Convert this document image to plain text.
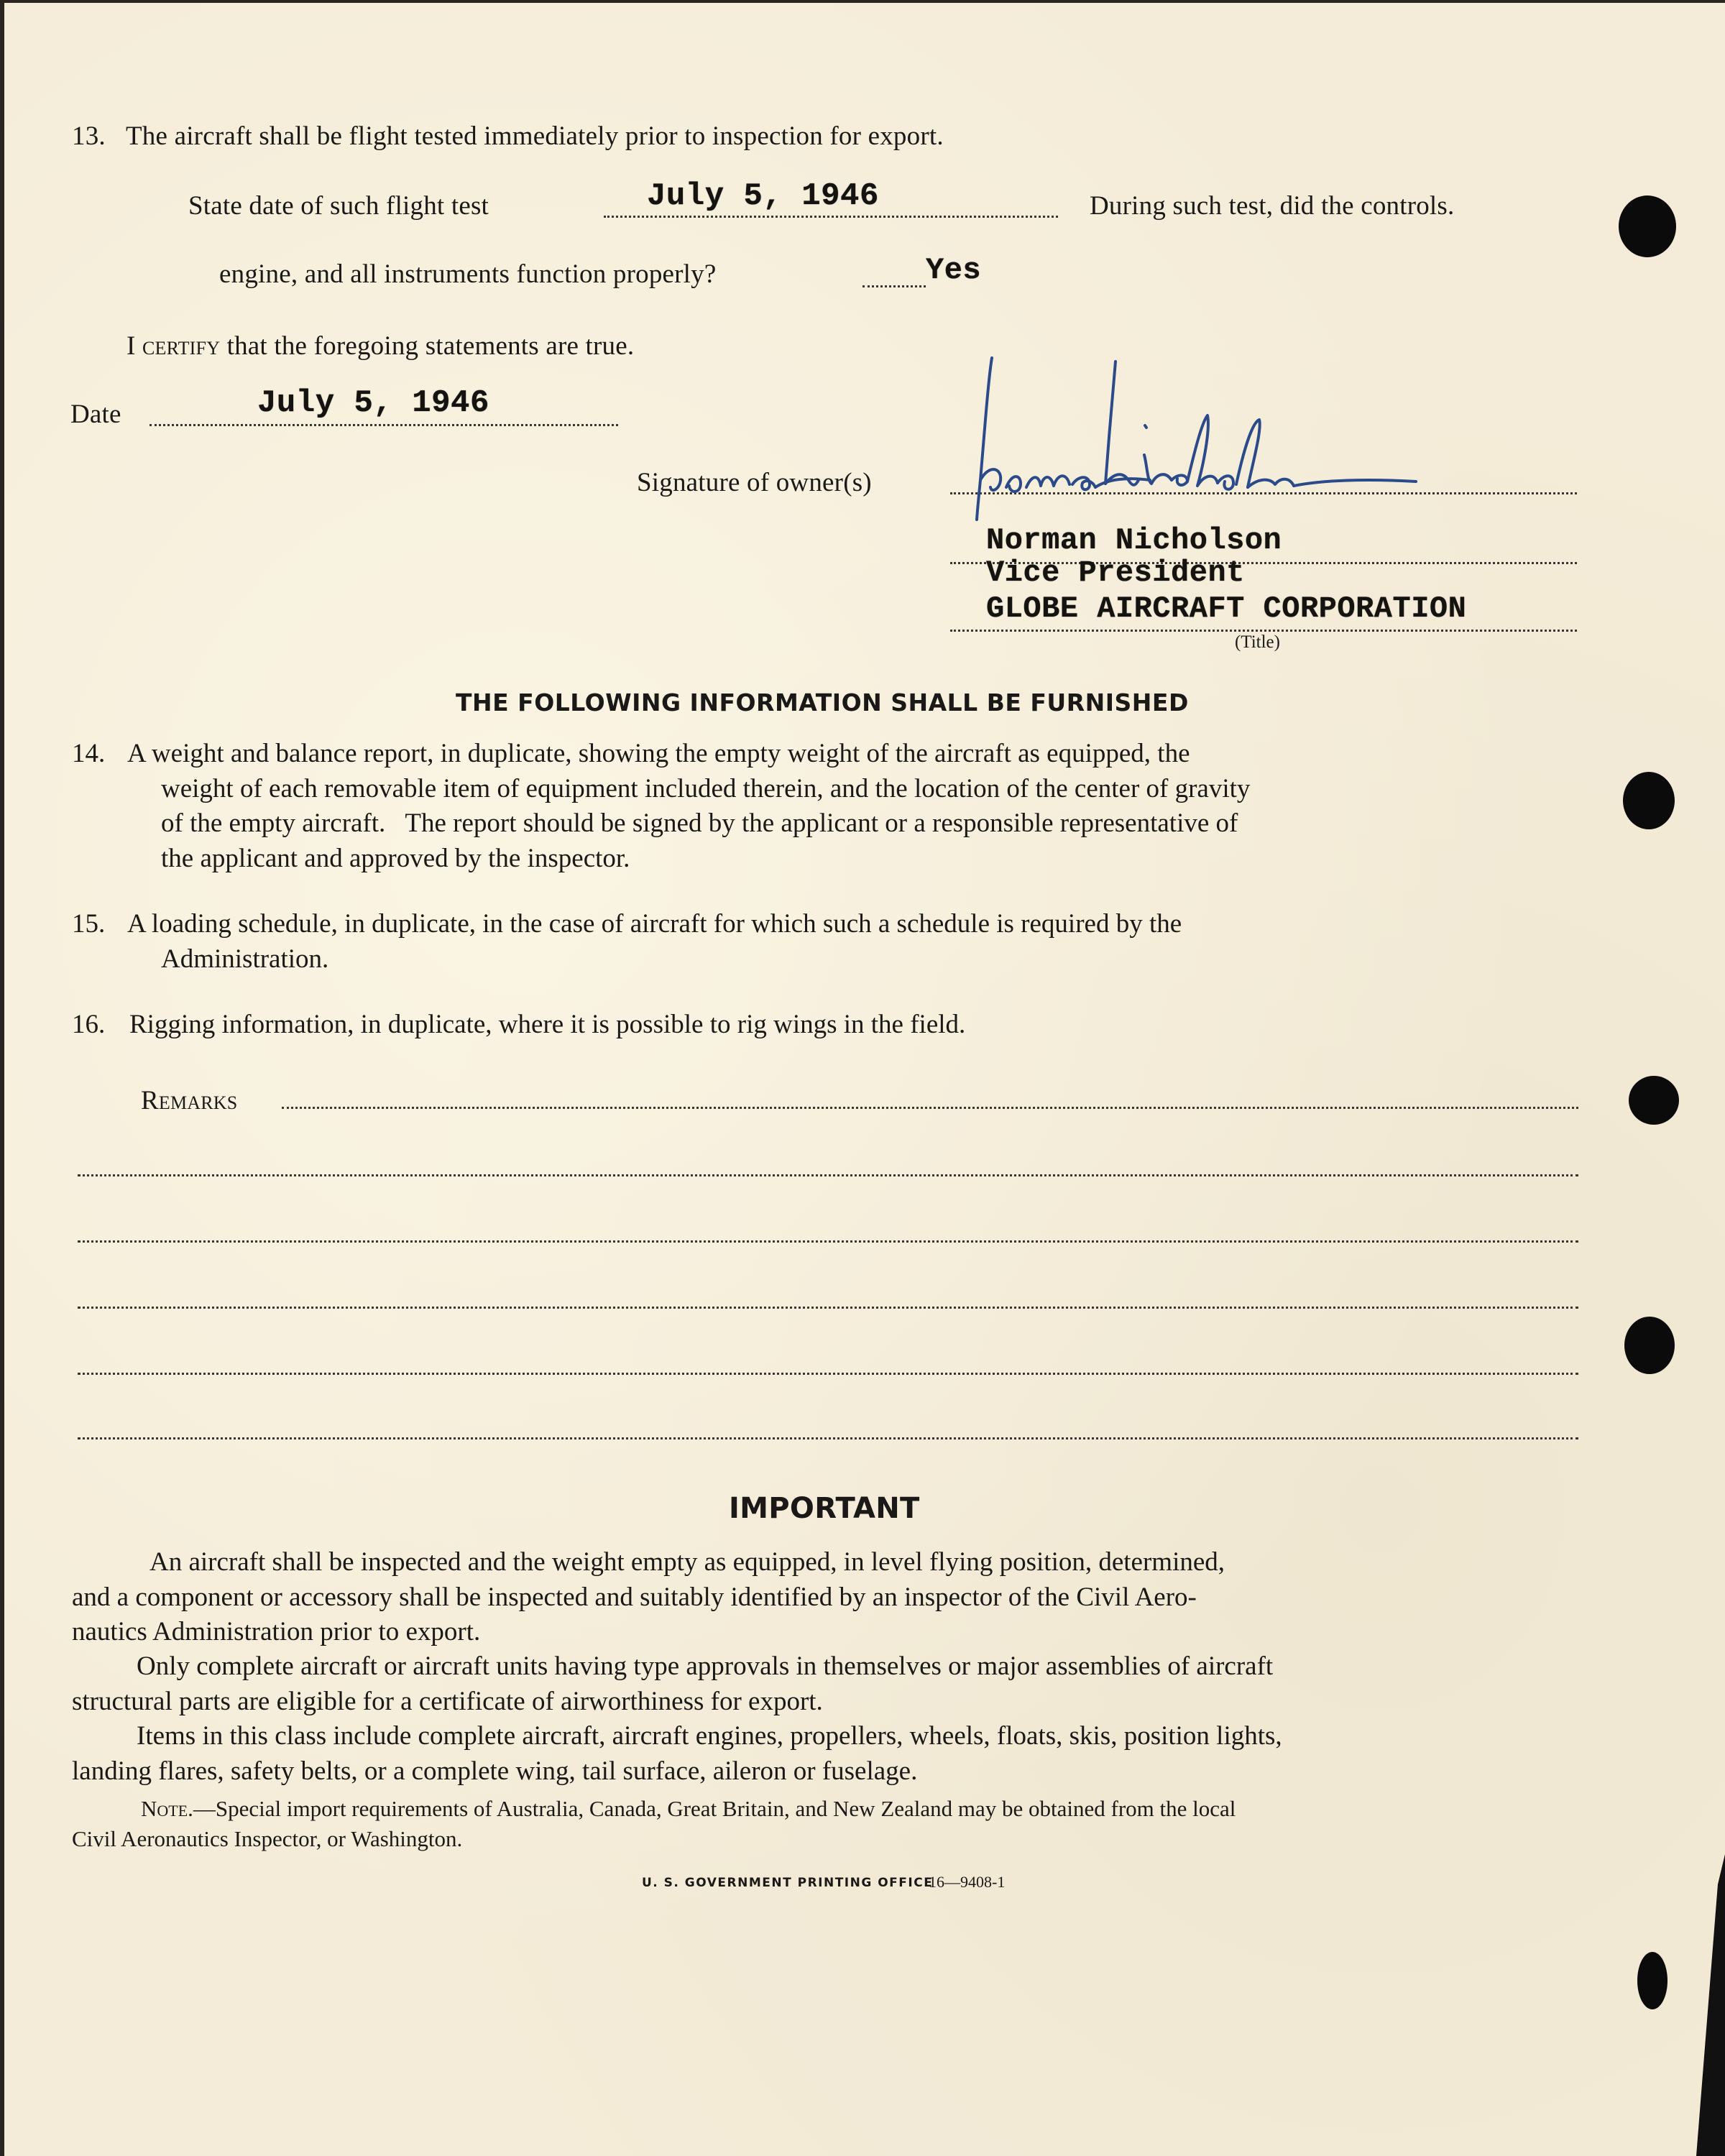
13. The aircraft shall be flight tested immediately prior to inspection for export.
State date of such flight test	July 5, 1946	During such test, did the controls.
engine, and all instruments function properly?	Yes
I certify that the foregoing statements are true.
Date	July 5, 1946
Signature of owner(s)
Norman Nicholson
Vice President
GLOBE AIRCRAFT CORPORATION
(Title)
THE FOLLOWING INFORMATION SHALL BE FURNISHED
14. A weight and balance report, in duplicate, showing the empty weight of the aircraft as equipped, the
weight of each removable item of equipment included therein, and the location of the center of gravity
of the empty aircraft.   The report should be signed by the applicant or a responsible representative of
the applicant and approved by the inspector.
15. A loading schedule, in duplicate, in the case of aircraft for which such a schedule is required by the
Administration.
16. Rigging information, in duplicate, where it is possible to rig wings in the field.
Remarks
IMPORTANT
An aircraft shall be inspected and the weight empty as equipped, in level flying position, determined,
and a component or accessory shall be inspected and suitably identified by an inspector of the Civil Aero-
nautics Administration prior to export.
Only complete aircraft or aircraft units having type approvals in themselves or major assemblies of aircraft
structural parts are eligible for a certificate of airworthiness for export.
Items in this class include complete aircraft, aircraft engines, propellers, wheels, floats, skis, position lights,
landing flares, safety belts, or a complete wing, tail surface, aileron or fuselage.
Note.—Special import requirements of Australia, Canada, Great Britain, and New Zealand may be obtained from the local
Civil Aeronautics Inspector, or Washington.
U. S. GOVERNMENT PRINTING OFFICE
16—9408-1
